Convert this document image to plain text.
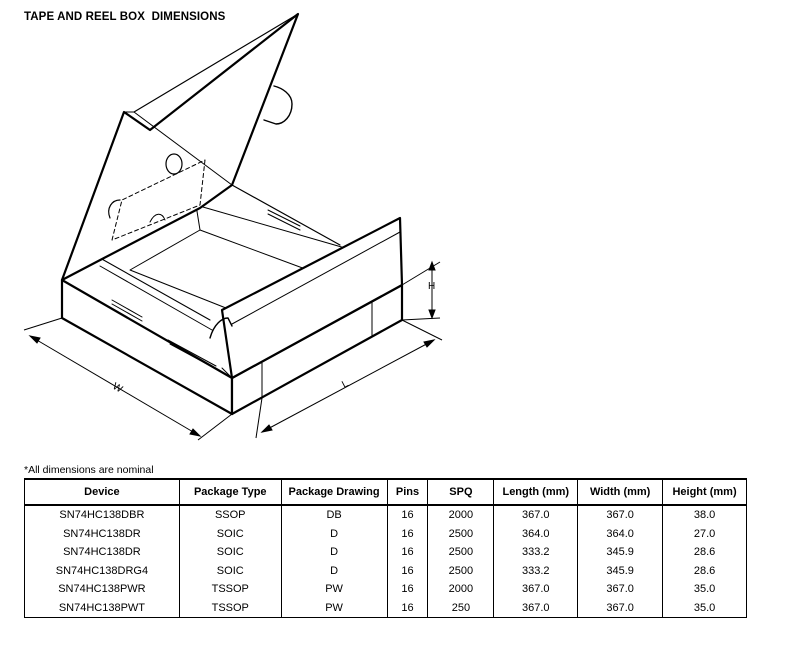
TAPE AND REEL BOX  DIMENSIONS
W	L
H
*All dimensions are nominal
Device	Package Type	Package Drawing	Pins	SPQ	Length (mm)	Width (mm)	Height (mm)
SN74HC138DBR	SSOP	DB	16	2000	367.0	367.0	38.0
SN74HC138DR	SOIC	D	16	2500	364.0	364.0	27.0
SN74HC138DR	SOIC	D	16	2500	333.2	345.9	28.6
SN74HC138DRG4	SOIC	D	16	2500	333.2	345.9	28.6
SN74HC138PWR	TSSOP	PW	16	2000	367.0	367.0	35.0
SN74HC138PWT	TSSOP	PW	16	250	367.0	367.0	35.0
